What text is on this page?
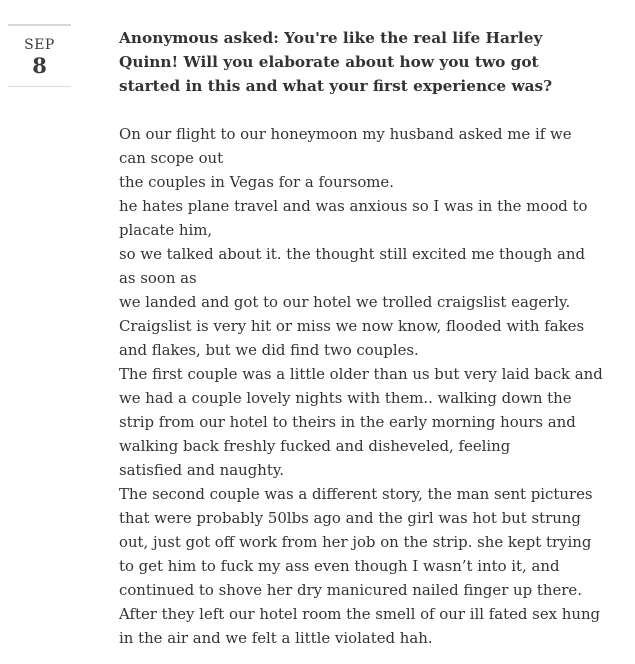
SEP
8

Anonymous asked: You're like the real life Harley Quinn! Will you elaborate about how you two got started in this and what your first experience was?

On our flight to our honeymoon my husband asked me if we
can scope out
the couples in Vegas for a foursome.
he hates plane travel and was anxious so I was in the mood to
placate him,
so we talked about it. the thought still excited me though and
as soon as
we landed and got to our hotel we trolled craigslist eagerly.
Craigslist is very hit or miss we now know, flooded with fakes
and flakes, but we did find two couples.
The first couple was a little older than us but very laid back and
we had a couple lovely nights with them.. walking down the
strip from our hotel to theirs in the early morning hours and
walking back freshly fucked and disheveled, feeling
satisfied and naughty.
The second couple was a different story, the man sent pictures
that were probably 50lbs ago and the girl was hot but strung
out, just got off work from her job on the strip. she kept trying
to get him to fuck my ass even though I wasn’t into it, and
continued to shove her dry manicured nailed finger up there.
After they left our hotel room the smell of our ill fated sex hung
in the air and we felt a little violated hah.
